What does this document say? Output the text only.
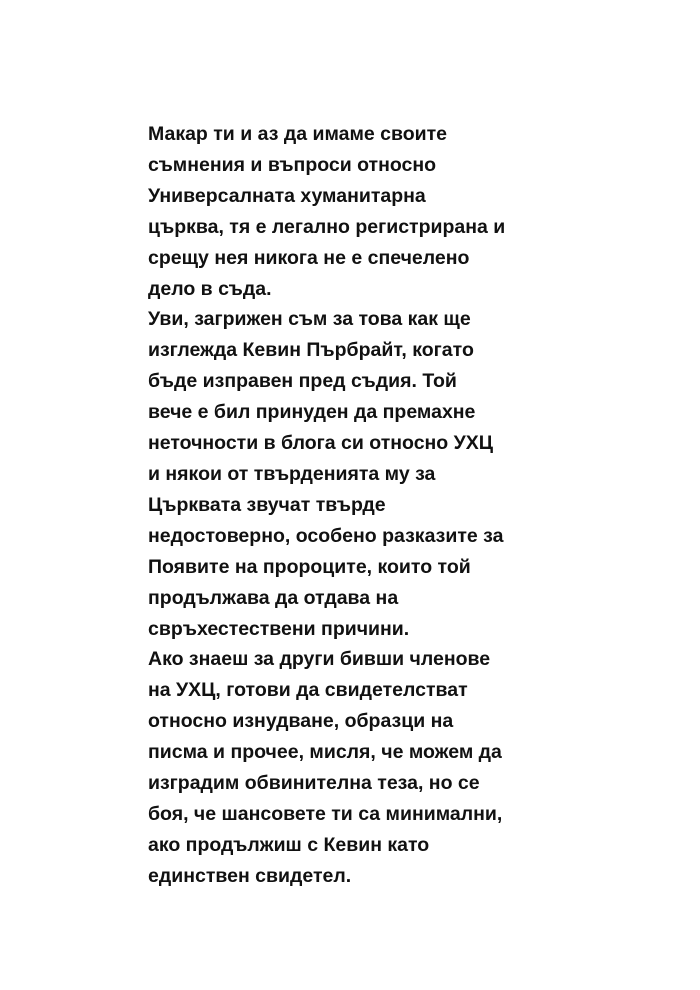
Макар ти и аз да имаме своите
съмнения и въпроси относно
Универсалната хуманитарна
църква, тя е легално регистрирана и
срещу нея никога не е спечелено
дело в съда.
Уви, загрижен съм за това как ще
изглежда Кевин Пърбрайт, когато
бъде изправен пред съдия. Той
вече е бил принуден да премахне
неточности в блога си относно УХЦ
и някои от твърденията му за
Църквата звучат твърде
недостоверно, особено разказите за
Появите на пророците, които той
продължава да отдава на
свръхестествени причини.
Ако знаеш за други бивши членове
на УХЦ, готови да свидетелстват
относно изнудване, образци на
писма и прочее, мисля, че можем да
изградим обвинителна теза, но се
боя, че шансовете ти са минимални,
ако продължиш с Кевин като
единствен свидетел.
